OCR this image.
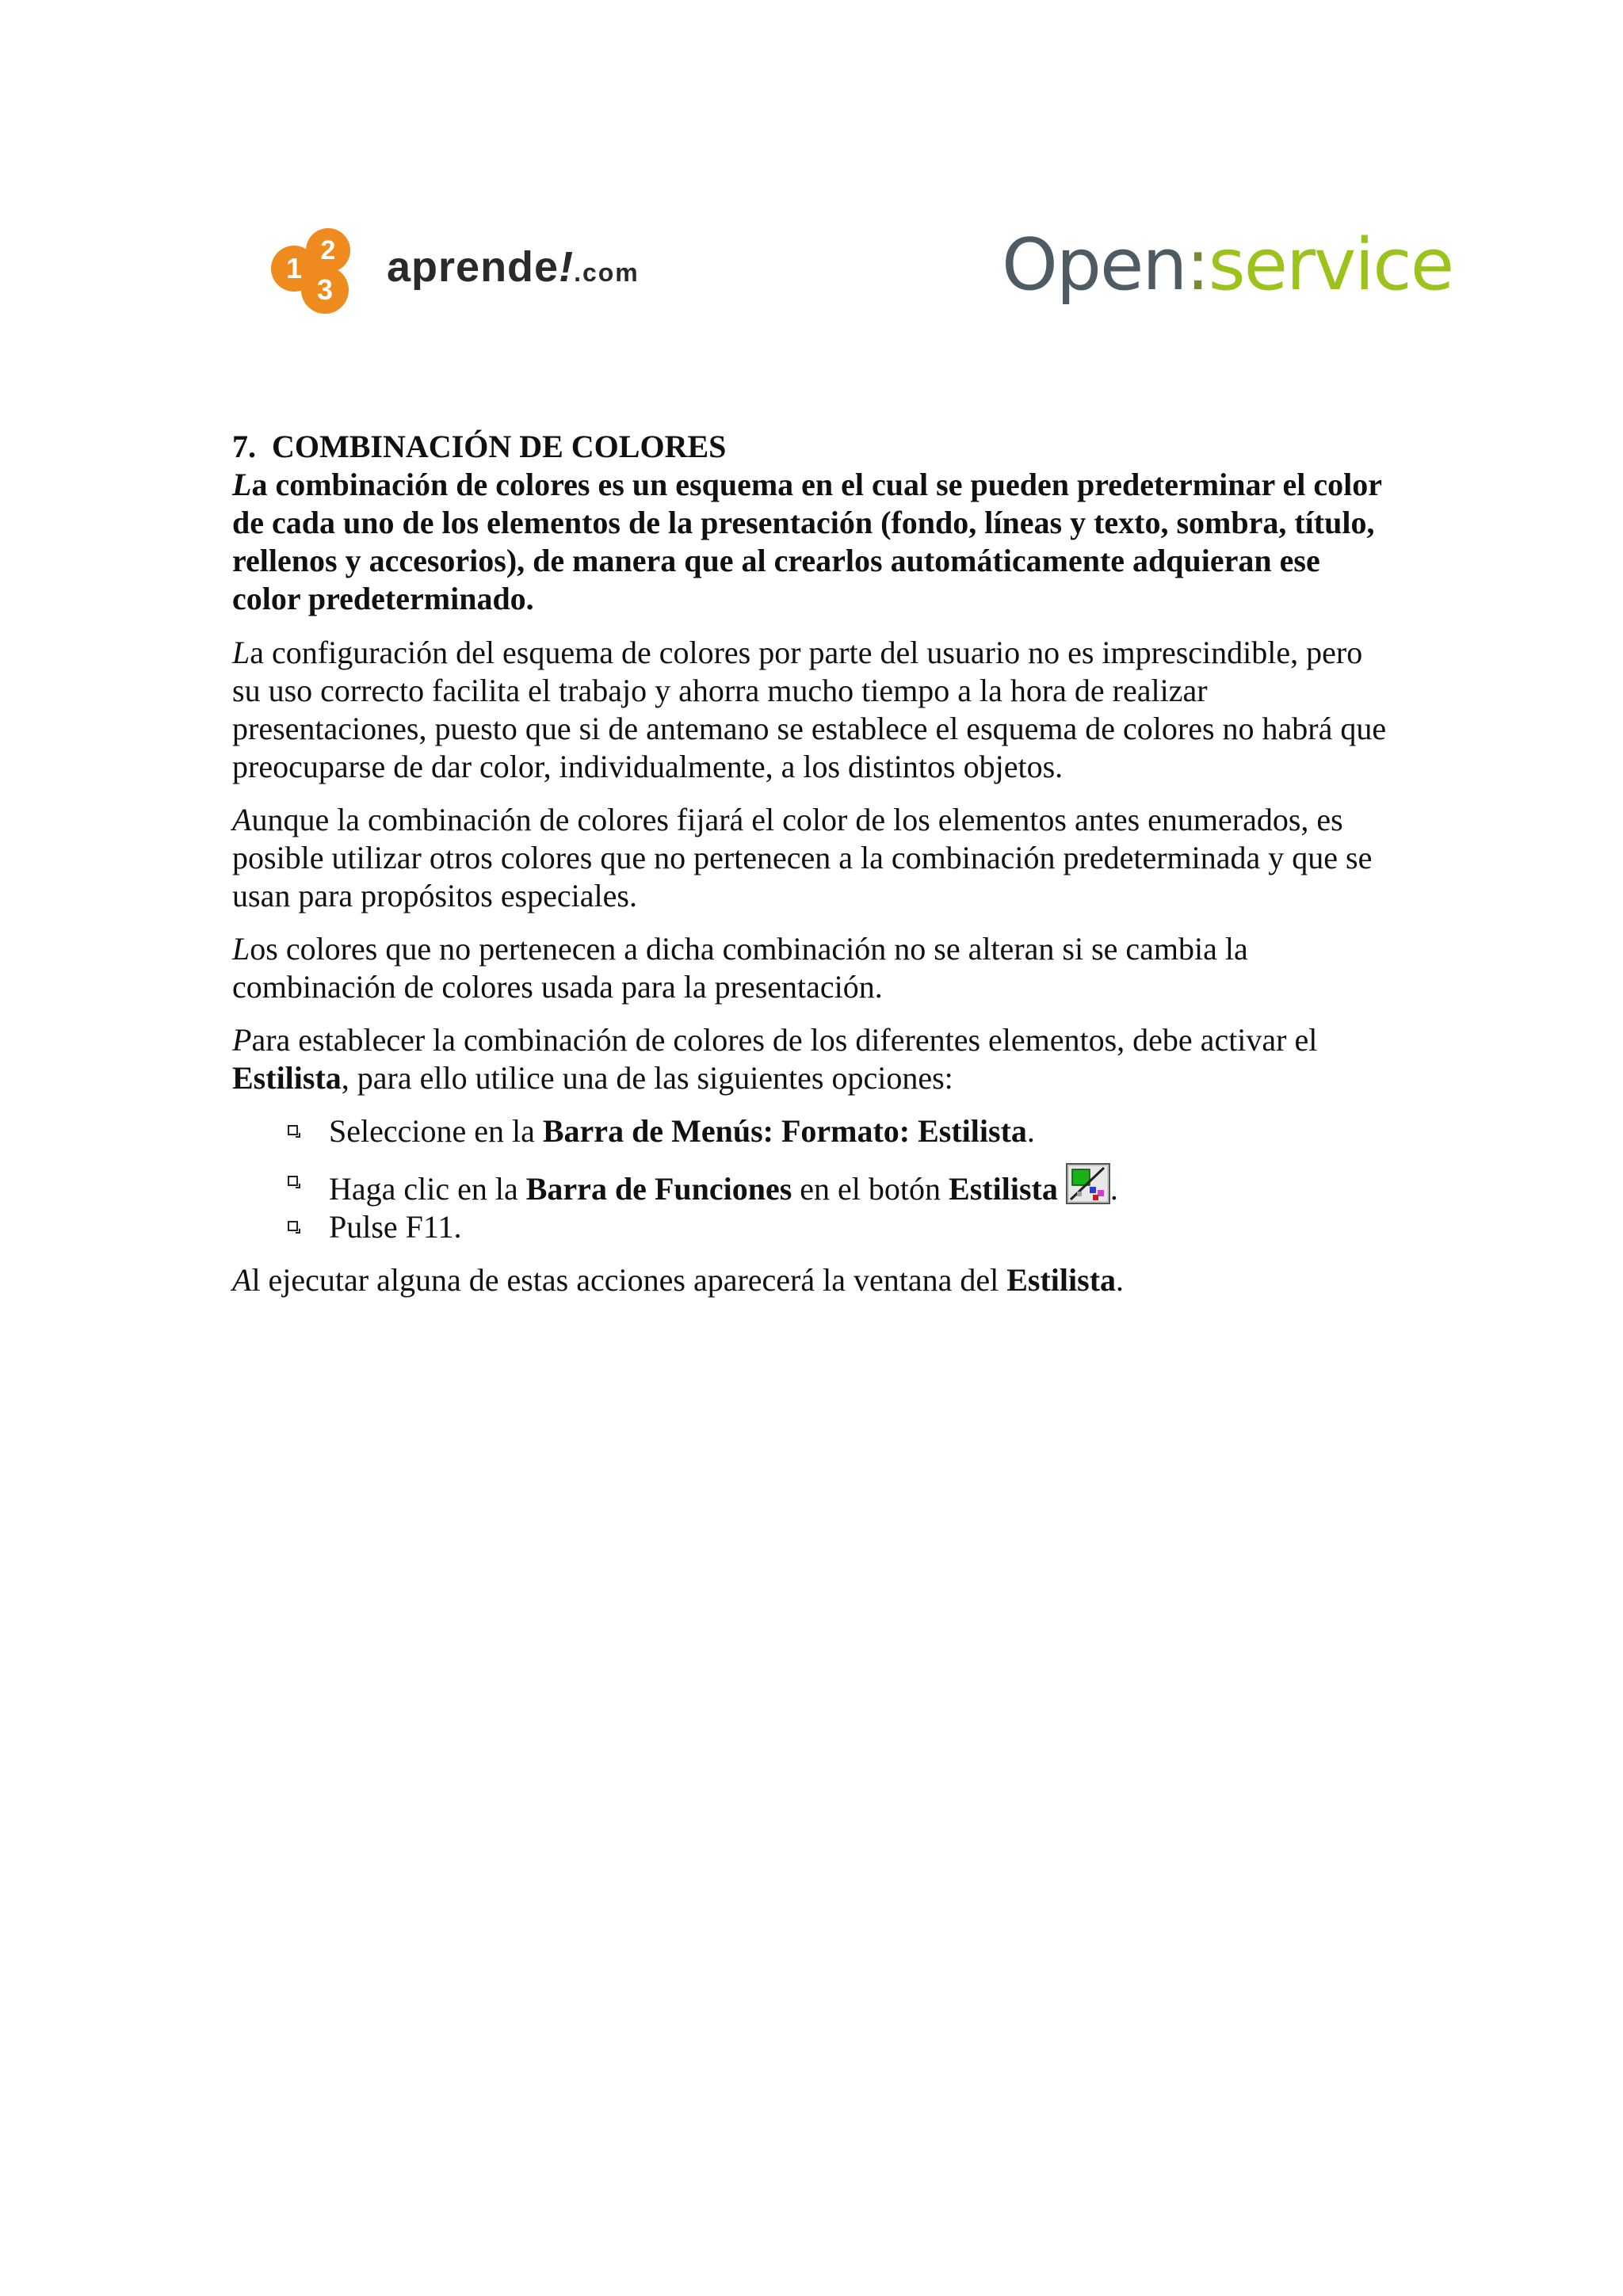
1
2
3	aprende!.com	Open:service
7. COMBINACIÓN DE COLORES

La combinación de colores es un esquema en el cual se pueden predeterminar el color de cada uno de los elementos de la presentación (fondo, líneas y texto, sombra, título, rellenos y accesorios), de manera que al crearlos automáticamente adquieran ese color predeterminado.

La configuración del esquema de colores por parte del usuario no es imprescindible, pero su uso correcto facilita el trabajo y ahorra mucho tiempo a la hora de realizar presentaciones, puesto que si de antemano se establece el esquema de colores no habrá que preocuparse de dar color, individualmente, a los distintos objetos.

Aunque la combinación de colores fijará el color de los elementos antes enumerados, es posible utilizar otros colores que no pertenecen a la combinación predeterminada y que se usan para propósitos especiales.

Los colores que no pertenecen a dicha combinación no se alteran si se cambia la combinación de colores usada para la presentación.

Para establecer la combinación de colores de los diferentes elementos, debe activar el Estilista, para ello utilice una de las siguientes opciones:

Seleccione en la Barra de Menús: Formato: Estilista.
Haga clic en la Barra de Funciones en el botón Estilista .
Pulse F11.

Al ejecutar alguna de estas acciones aparecerá la ventana del Estilista.
